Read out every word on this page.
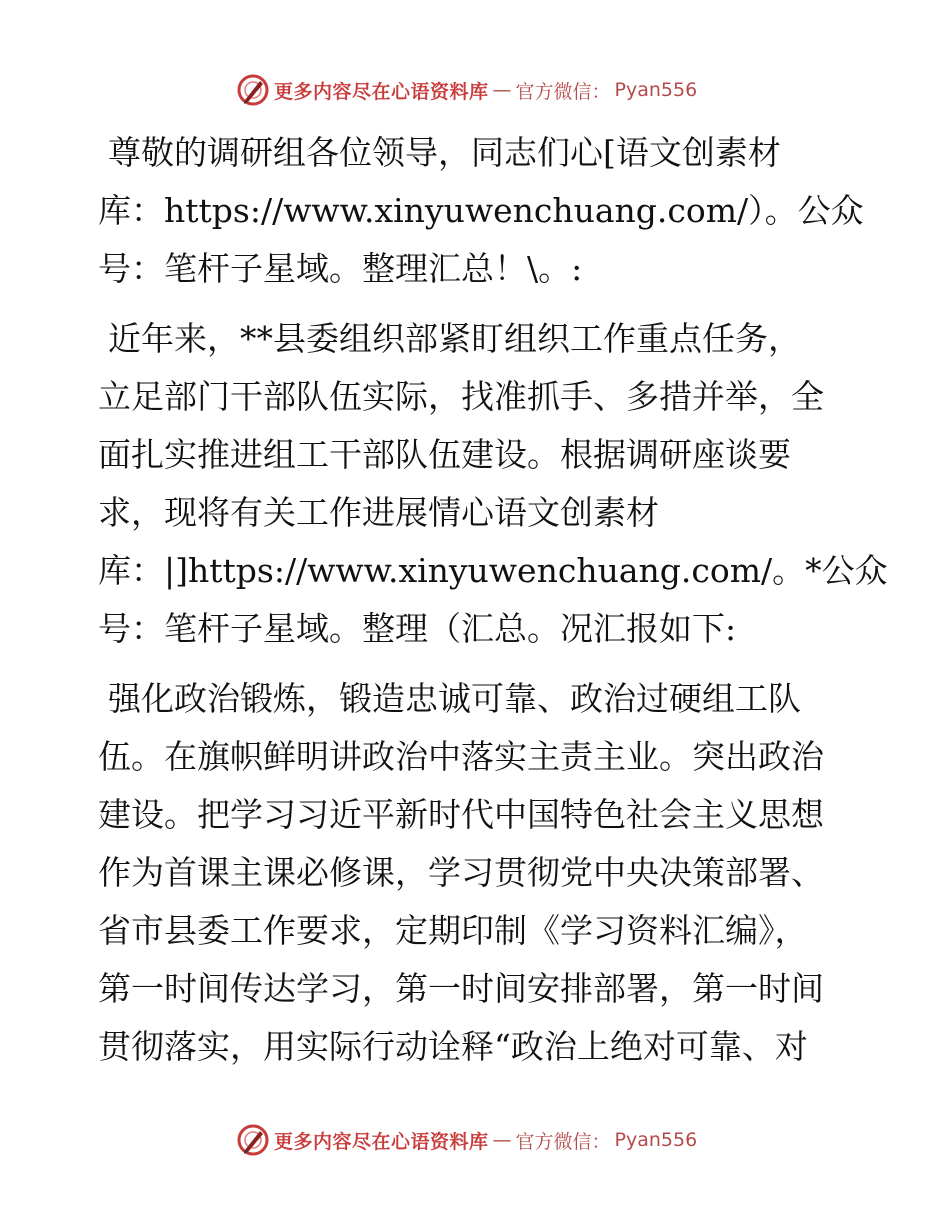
更多内容尽在心语资料库 — 官方微信： Pyan556
尊敬的调研组各位领导，同志们心[语文创素材
库：https://www.xinyuwenchuang.com/）。公众
号：笔杆子星域。整理汇总！\。:
近年来，**县委组织部紧盯组织工作重点任务，
立足部门干部队伍实际，找准抓手、多措并举，全
面扎实推进组工干部队伍建设。根据调研座谈要
求，现将有关工作进展情心语文创素材
库：|]https://www.xinyuwenchuang.com/。*公众
号：笔杆子星域。整理（汇总。况汇报如下:
强化政治锻炼，锻造忠诚可靠、政治过硬组工队
伍。在旗帜鲜明讲政治中落实主责主业。突出政治
建设。把学习习近平新时代中国特色社会主义思想
作为首课主课必修课，学习贯彻党中央决策部署、
省市县委工作要求，定期印制《学习资料汇编》，
第一时间传达学习，第一时间安排部署，第一时间
贯彻落实，用实际行动诠释“政治上绝对可靠、对
更多内容尽在心语资料库 — 官方微信： Pyan556
